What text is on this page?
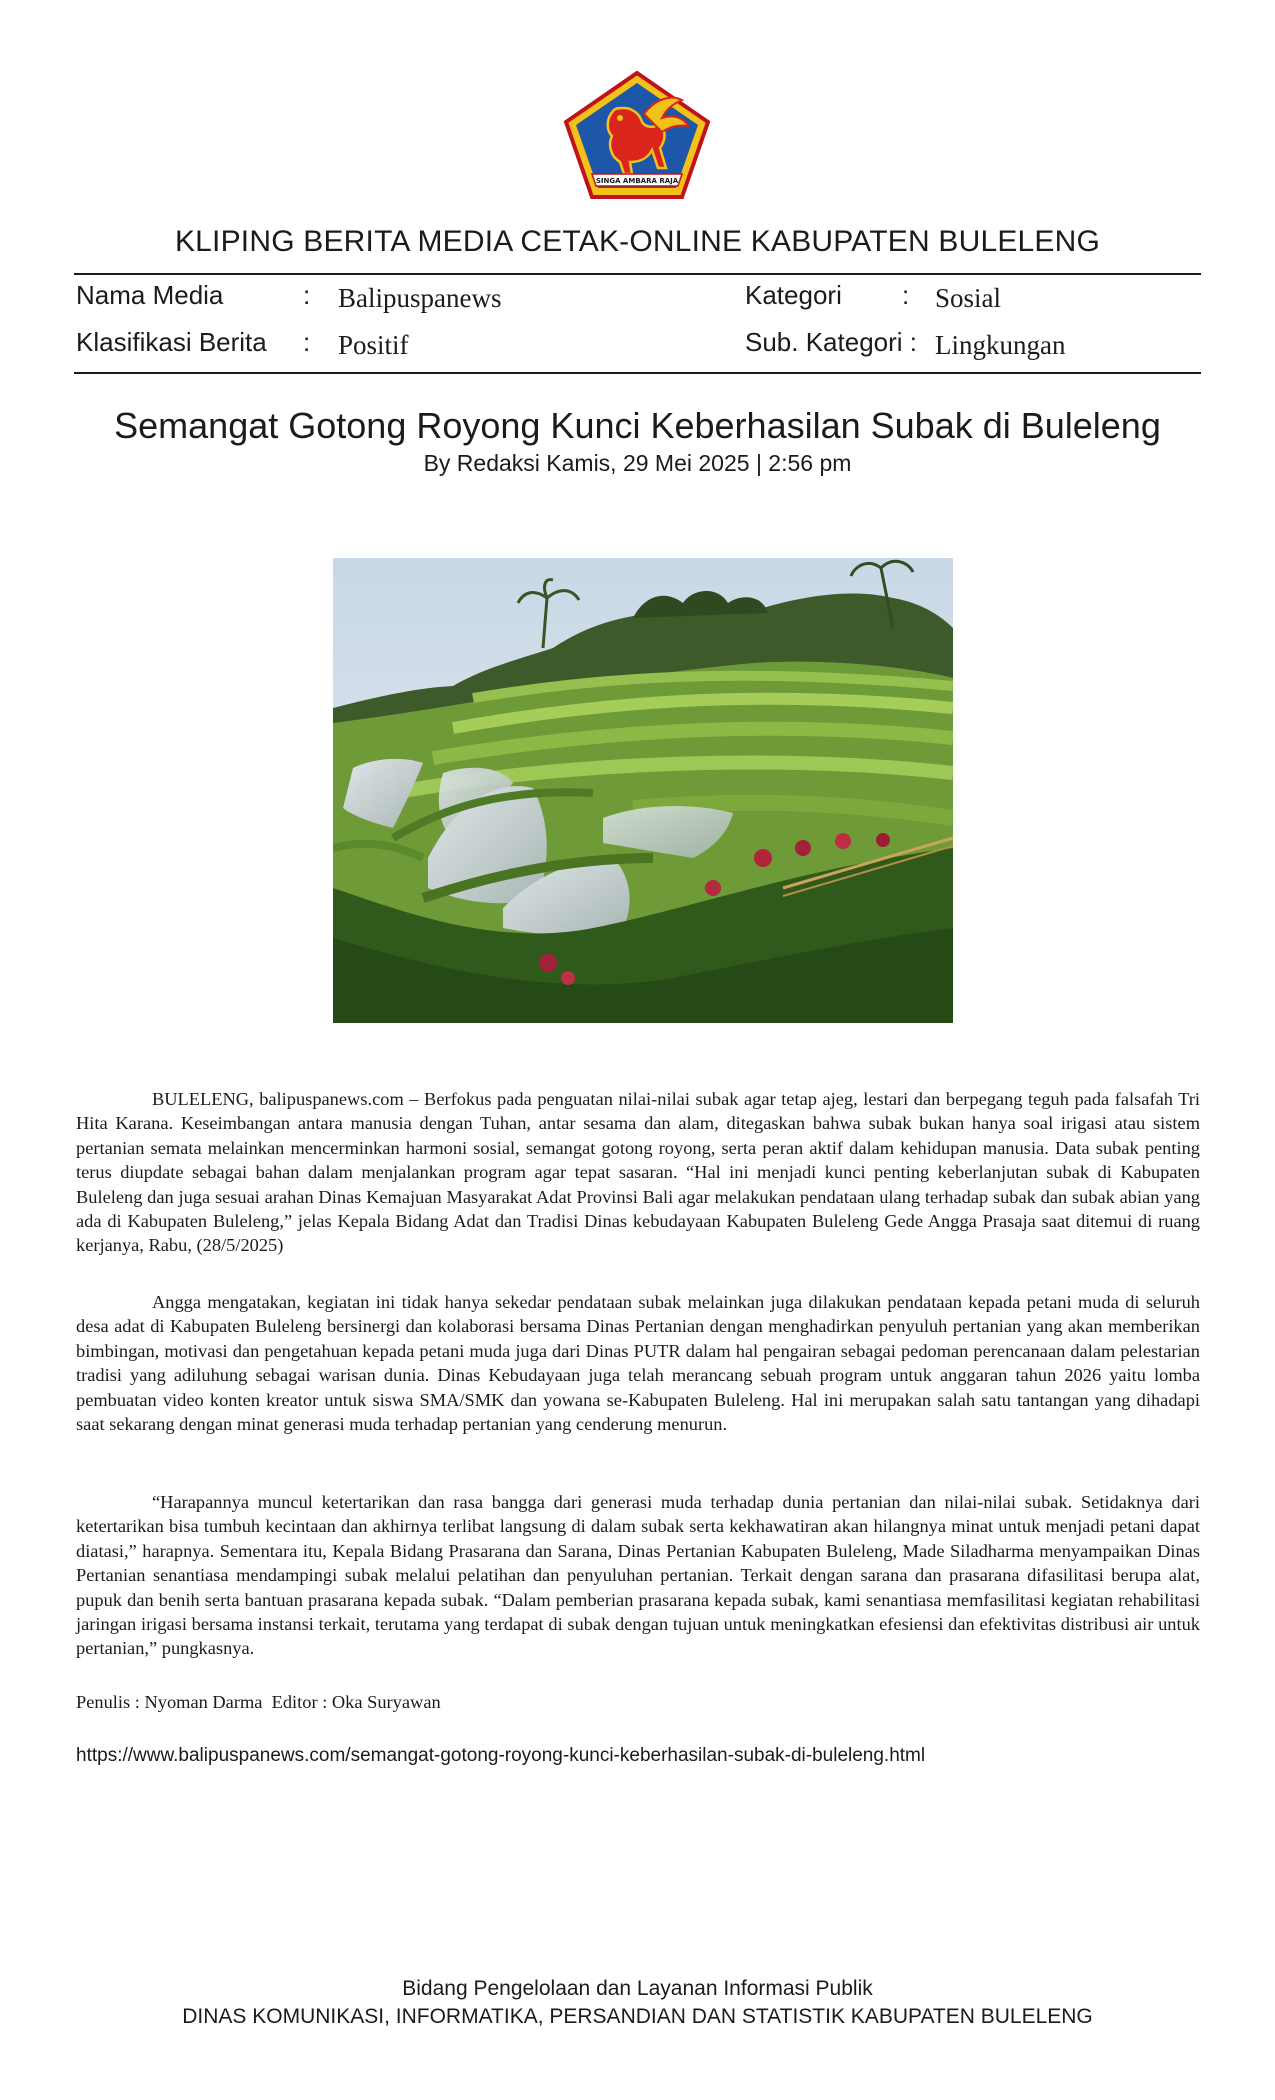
SINGA AMBARA RAJA
KLIPING BERITA MEDIA CETAK-ONLINE KABUPATEN BULELENG
Nama Media	: Balipuspanews	Kategori : Sosial
Klasifikasi Berita : Positif	Sub. Kategori : Lingkungan
Semangat Gotong Royong Kunci Keberhasilan Subak di Buleleng
By Redaksi Kamis, 29 Mei 2025 | 2:56 pm

BULELENG, balipuspanews.com – Berfokus pada penguatan nilai-nilai subak agar tetap ajeg, lestari dan berpegang teguh pada falsafah Tri Hita Karana. Keseimbangan antara manusia dengan Tuhan, antar sesama dan alam, ditegaskan bahwa subak bukan hanya soal irigasi atau sistem pertanian semata melainkan mencerminkan harmoni sosial, semangat gotong royong, serta peran aktif dalam kehidupan manusia. Data subak penting terus diupdate sebagai bahan dalam menjalankan program agar tepat sasaran. “Hal ini menjadi kunci penting keberlanjutan subak di Kabupaten Buleleng dan juga sesuai arahan Dinas Kemajuan Masyarakat Adat Provinsi Bali agar melakukan pendataan ulang terhadap subak dan subak abian yang ada di Kabupaten Buleleng,” jelas Kepala Bidang Adat dan Tradisi Dinas kebudayaan Kabupaten Buleleng Gede Angga Prasaja saat ditemui di ruang kerjanya, Rabu, (28/5/2025)

Angga mengatakan, kegiatan ini tidak hanya sekedar pendataan subak melainkan juga dilakukan pendataan kepada petani muda di seluruh desa adat di Kabupaten Buleleng bersinergi dan kolaborasi bersama Dinas Pertanian dengan menghadirkan penyuluh pertanian yang akan memberikan bimbingan, motivasi dan pengetahuan kepada petani muda juga dari Dinas PUTR dalam hal pengairan sebagai pedoman perencanaan dalam pelestarian tradisi yang adiluhung sebagai warisan dunia. Dinas Kebudayaan juga telah merancang sebuah program untuk anggaran tahun 2026 yaitu lomba pembuatan video konten kreator untuk siswa SMA/SMK dan yowana se-Kabupaten Buleleng. Hal ini merupakan salah satu tantangan yang dihadapi saat sekarang dengan minat generasi muda terhadap pertanian yang cenderung menurun.

“Harapannya muncul ketertarikan dan rasa bangga dari generasi muda terhadap dunia pertanian dan nilai-nilai subak. Setidaknya dari ketertarikan bisa tumbuh kecintaan dan akhirnya terlibat langsung di dalam subak serta kekhawatiran akan hilangnya minat untuk menjadi petani dapat diatasi,” harapnya. Sementara itu, Kepala Bidang Prasarana dan Sarana, Dinas Pertanian Kabupaten Buleleng, Made Siladharma menyampaikan Dinas Pertanian senantiasa mendampingi subak melalui pelatihan dan penyuluhan pertanian. Terkait dengan sarana dan prasarana difasilitasi berupa alat, pupuk dan benih serta bantuan prasarana kepada subak. “Dalam pemberian prasarana kepada subak, kami senantiasa memfasilitasi kegiatan rehabilitasi jaringan irigasi bersama instansi terkait, terutama yang terdapat di subak dengan tujuan untuk meningkatkan efesiensi dan efektivitas distribusi air untuk pertanian,” pungkasnya.

Penulis : Nyoman Darma  Editor : Oka Suryawan
https://www.balipuspanews.com/semangat-gotong-royong-kunci-keberhasilan-subak-di-buleleng.html
Bidang Pengelolaan dan Layanan Informasi Publik
DINAS KOMUNIKASI, INFORMATIKA, PERSANDIAN DAN STATISTIK KABUPATEN BULELENG
